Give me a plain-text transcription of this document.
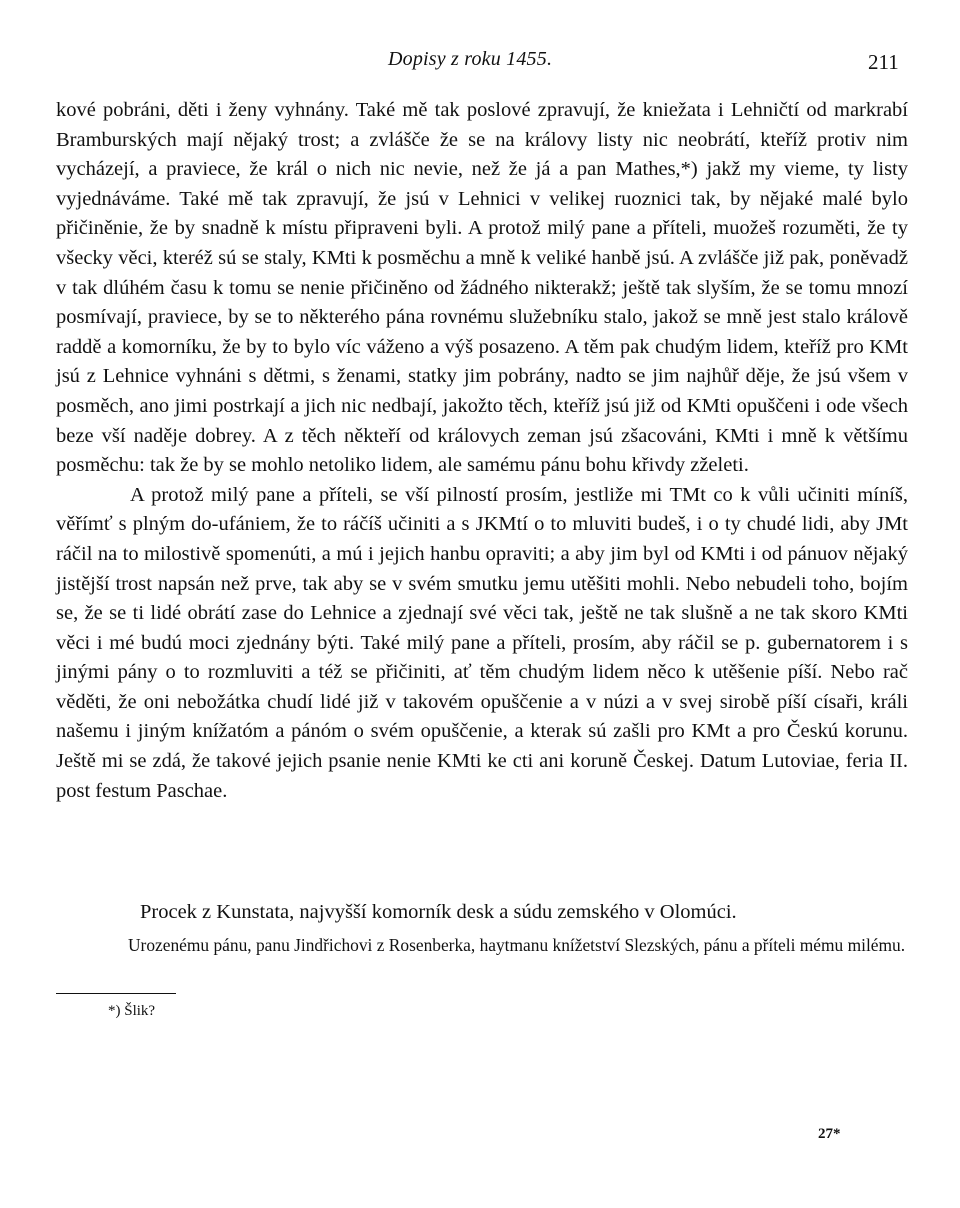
Dopisy z roku 1455.	211

kové pobráni, děti i ženy vyhnány. Také mě tak poslové zpravují, že kniežata i Lehničtí od markrabí Bramburských mají nějaký trost; a zvlášče že se na královy listy nic neobrátí, kteříž protiv nim vycházejí, a praviece, že král o nich nic nevie, než že já a pan Mathes,*) jakž my vieme, ty listy vyjednáváme. Také mě tak zpravují, že jsú v Lehnici v velikej ruoznici tak, by nějaké malé bylo přičiněnie, že by snadně k místu připraveni byli. A protož milý pane a příteli, muožeš rozuměti, že ty všecky věci, kteréž sú se staly, KMti k posměchu a mně k veliké hanbě jsú. A zvlášče již pak, poněvadž v tak dlúhém času k tomu se nenie přičiněno od žádného nikterakž; ještě tak slyším, že se tomu mnozí posmívají, praviece, by se to některého pána rovnému služebníku stalo, jakož se mně jest stalo králově raddě a komorníku, že by to bylo víc váženo a výš posazeno. A těm pak chudým lidem, kteříž pro KMt jsú z Lehnice vyhnáni s dětmi, s ženami, statky jim pobrány, nadto se jim najhůř děje, že jsú všem v posměch, ano jimi postrkají a jich nic nedbají, jakožto těch, kteříž jsú již od KMti opuščeni i ode všech beze vší naděje dobrey. A z těch někteří od královych zeman jsú zšacováni, KMti i mně k většímu posměchu: tak že by se mohlo netoliko lidem, ale samému pánu bohu křivdy zželeti.

A protož milý pane a příteli, se vší pilností prosím, jestliže mi TMt co k vůli učiniti míníš, věřímť s plným do-ufániem, že to ráčíš učiniti a s JKMtí o to mluviti budeš, i o ty chudé lidi, aby JMt ráčil na to milostivě spomenúti, a mú i jejich hanbu opraviti; a aby jim byl od KMti i od pánuov nějaký jistější trost napsán než prve, tak aby se v svém smutku jemu utěšiti mohli. Nebo nebudeli toho, bojím se, že se ti lidé obrátí zase do Lehnice a zjednají své věci tak, ještě ne tak slušně a ne tak skoro KMti věci i mé budú moci zjednány býti. Také milý pane a příteli, prosím, aby ráčil se p. gubernatorem i s jinými pány o to rozmluviti a též se přičiniti, ať těm chudým lidem něco k utěšenie píší. Nebo rač věděti, že oni nebožátka chudí lidé již v takovém opuščenie a v núzi a v svej sirobě píší císaři, králi našemu i jiným knížatóm a pánóm o svém opuščenie, a kterak sú zašli pro KMt a pro Českú korunu. Ještě mi se zdá, že takové jejich psanie nenie KMti ke cti ani koruně Českej. Datum Lutoviae, feria II. post festum Paschae.

Procek z Kunstata, najvyšší komorník desk a súdu zemského v Olomúci.
Urozenému pánu, panu Jindřichovi z Rosenberka, haytmanu knížetství Slezských, pánu a příteli mému milému.
*) Šlik?
27*
